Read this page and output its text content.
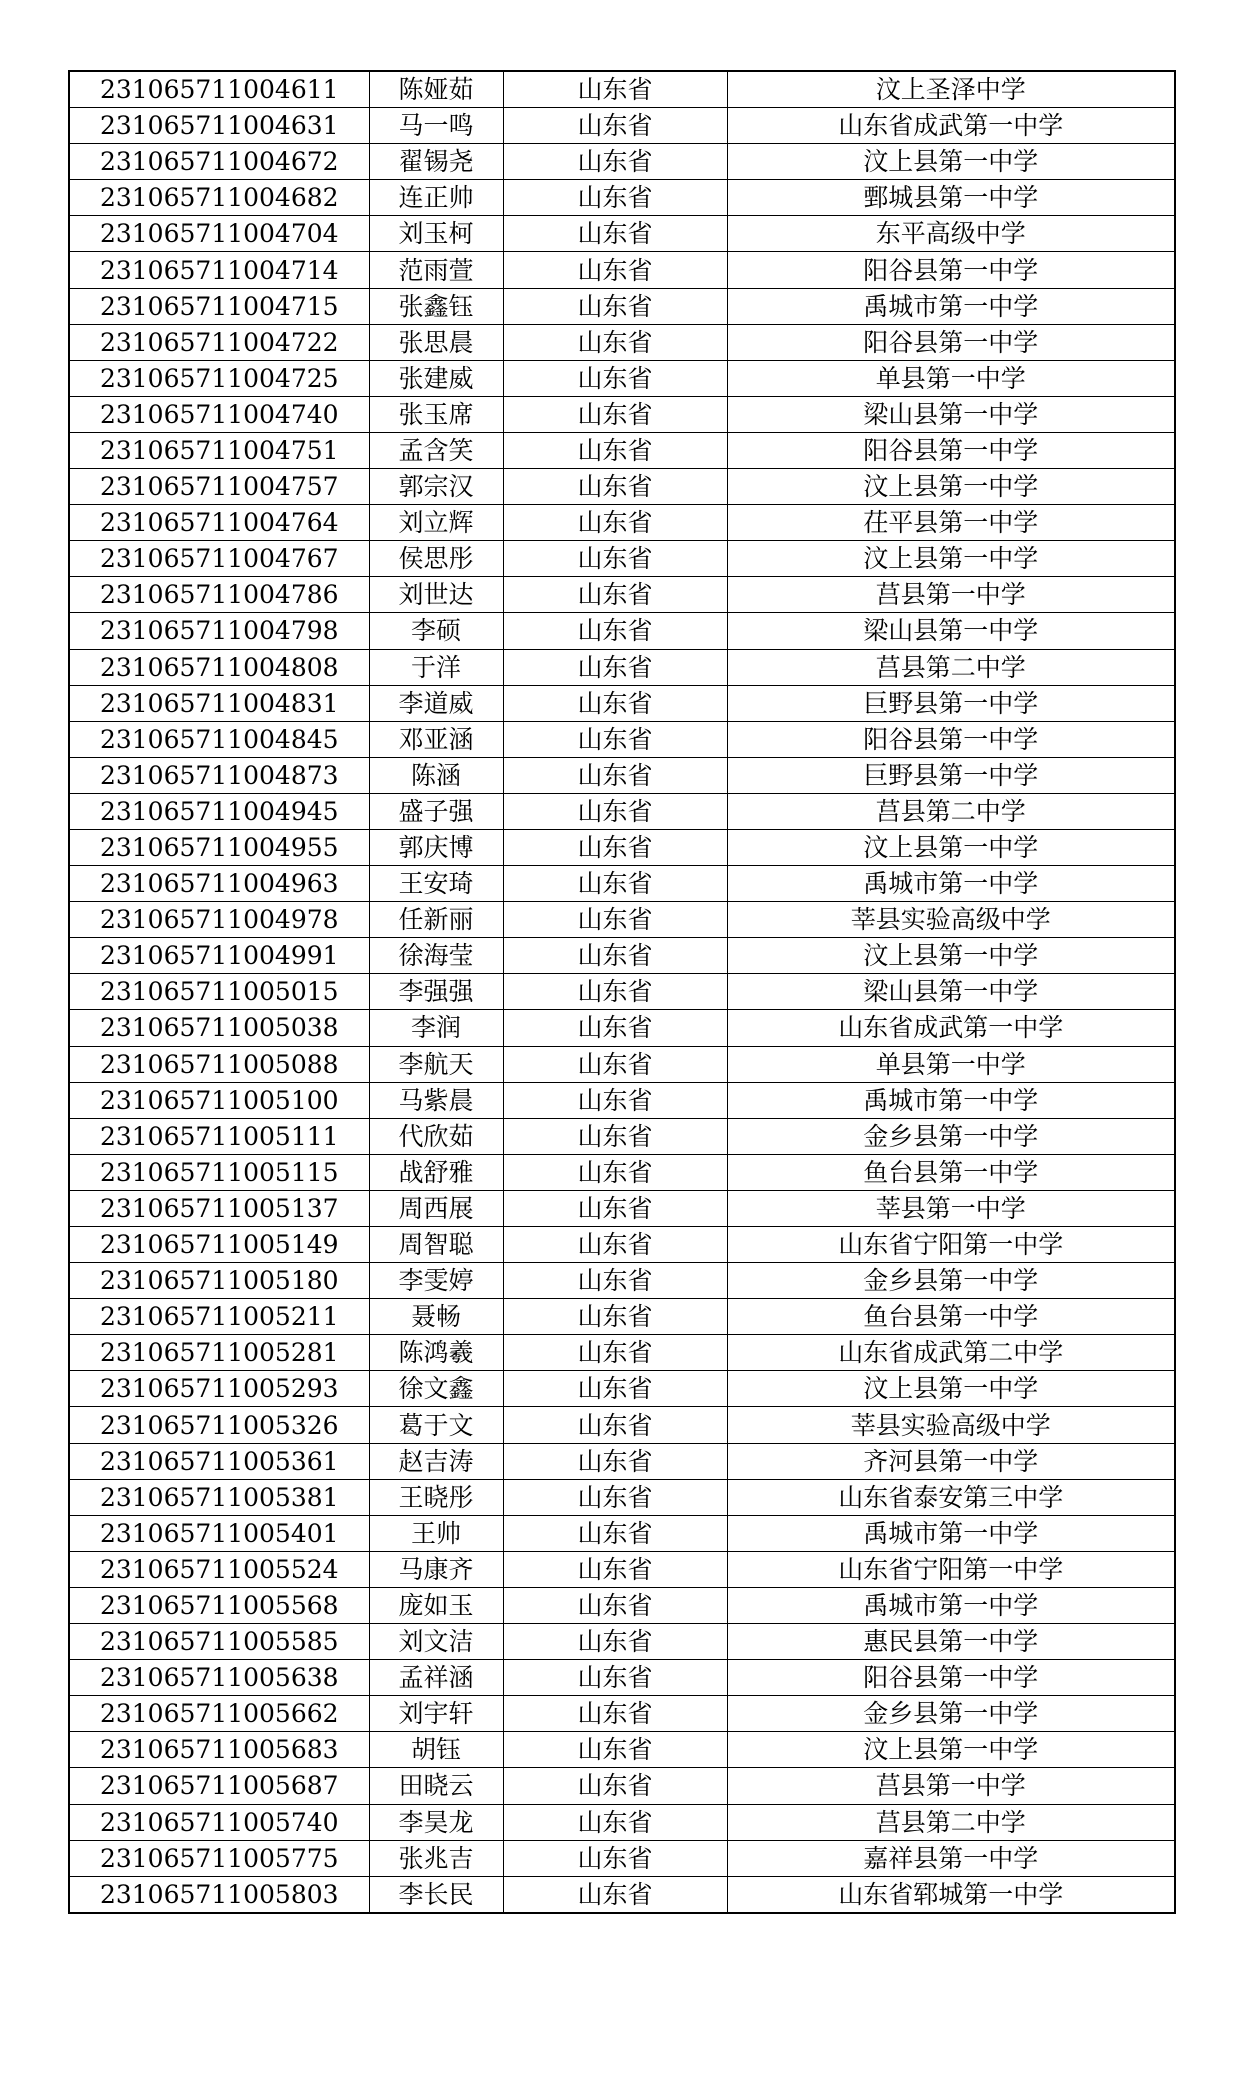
231065711004611	陈娅茹	山东省	汶上圣泽中学
231065711004631	马一鸣	山东省	山东省成武第一中学
231065711004672	翟锡尧	山东省	汶上县第一中学
231065711004682	连正帅	山东省	鄄城县第一中学
231065711004704	刘玉柯	山东省	东平高级中学
231065711004714	范雨萱	山东省	阳谷县第一中学
231065711004715	张鑫钰	山东省	禹城市第一中学
231065711004722	张思晨	山东省	阳谷县第一中学
231065711004725	张建威	山东省	单县第一中学
231065711004740	张玉席	山东省	梁山县第一中学
231065711004751	孟含笑	山东省	阳谷县第一中学
231065711004757	郭宗汉	山东省	汶上县第一中学
231065711004764	刘立辉	山东省	茌平县第一中学
231065711004767	侯思彤	山东省	汶上县第一中学
231065711004786	刘世达	山东省	莒县第一中学
231065711004798	李硕	山东省	梁山县第一中学
231065711004808	于洋	山东省	莒县第二中学
231065711004831	李道威	山东省	巨野县第一中学
231065711004845	邓亚涵	山东省	阳谷县第一中学
231065711004873	陈涵	山东省	巨野县第一中学
231065711004945	盛子强	山东省	莒县第二中学
231065711004955	郭庆博	山东省	汶上县第一中学
231065711004963	王安琦	山东省	禹城市第一中学
231065711004978	任新丽	山东省	莘县实验高级中学
231065711004991	徐海莹	山东省	汶上县第一中学
231065711005015	李强强	山东省	梁山县第一中学
231065711005038	李润	山东省	山东省成武第一中学
231065711005088	李航天	山东省	单县第一中学
231065711005100	马紫晨	山东省	禹城市第一中学
231065711005111	代欣茹	山东省	金乡县第一中学
231065711005115	战舒雅	山东省	鱼台县第一中学
231065711005137	周西展	山东省	莘县第一中学
231065711005149	周智聪	山东省	山东省宁阳第一中学
231065711005180	李雯婷	山东省	金乡县第一中学
231065711005211	聂畅	山东省	鱼台县第一中学
231065711005281	陈鸿羲	山东省	山东省成武第二中学
231065711005293	徐文鑫	山东省	汶上县第一中学
231065711005326	葛于文	山东省	莘县实验高级中学
231065711005361	赵吉涛	山东省	齐河县第一中学
231065711005381	王晓彤	山东省	山东省泰安第三中学
231065711005401	王帅	山东省	禹城市第一中学
231065711005524	马康齐	山东省	山东省宁阳第一中学
231065711005568	庞如玉	山东省	禹城市第一中学
231065711005585	刘文洁	山东省	惠民县第一中学
231065711005638	孟祥涵	山东省	阳谷县第一中学
231065711005662	刘宇轩	山东省	金乡县第一中学
231065711005683	胡钰	山东省	汶上县第一中学
231065711005687	田晓云	山东省	莒县第一中学
231065711005740	李昊龙	山东省	莒县第二中学
231065711005775	张兆吉	山东省	嘉祥县第一中学
231065711005803	李长民	山东省	山东省郓城第一中学
